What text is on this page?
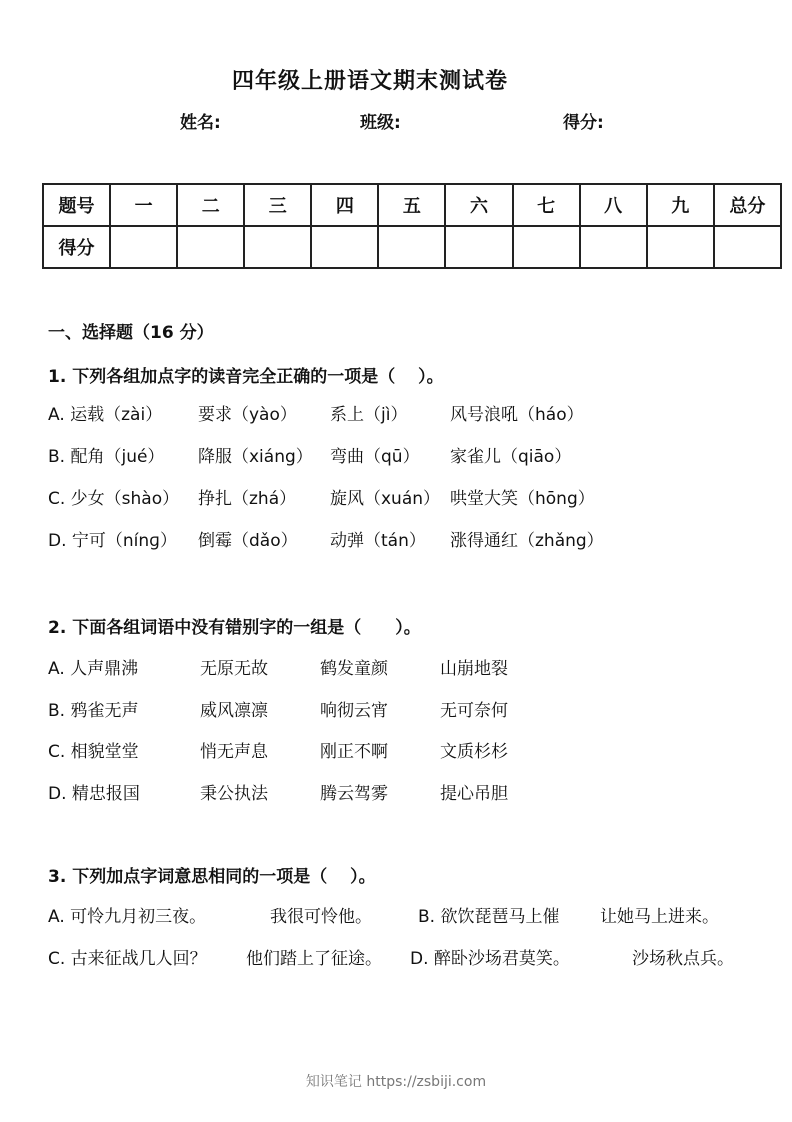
四年级上册语文期末测试卷
姓名:	班级:	得分:
题号	一	二	三	四	五	六	七	八	九	总分
得分										
一、选择题（16 分）
1. 下列各组加点字的读音完全正确的一项是（　 ）。
A. 运载（zài） 要求（yào） 系上（jì）	风号浪吼（háo）
B. 配角（jué） 降服（xiáng） 弯曲（qū） 家雀儿（qiāo）
C. 少女（shào） 挣扎（zhá） 旋风（xuán） 哄堂大笑（hōng）
D. 宁可（nínɡ） 倒霉（dǎo） 动弹（tán） 涨得通红（zhǎng）
2. 下面各组词语中没有错别字的一组是（　　）。
A. 人声鼎沸	无原无故	鹤发童颜	山崩地裂
B. 鸦雀无声	威风凛凛	响彻云宵	无可奈何
C. 相貌堂堂	悄无声息	刚正不啊	文质杉杉
D. 精忠报国	秉公执法	腾云驾雾	提心吊胆
3. 下列加点字词意思相同的一项是（　 ）。
A. 可怜九月初三夜。	我很可怜他。	B. 欲饮琵琶马上催 让她马上进来。
C. 古来征战几人回？ 他们踏上了征途。 D. 醉卧沙场君莫笑。	沙场秋点兵。
知识笔记 https://zsbiji.com
